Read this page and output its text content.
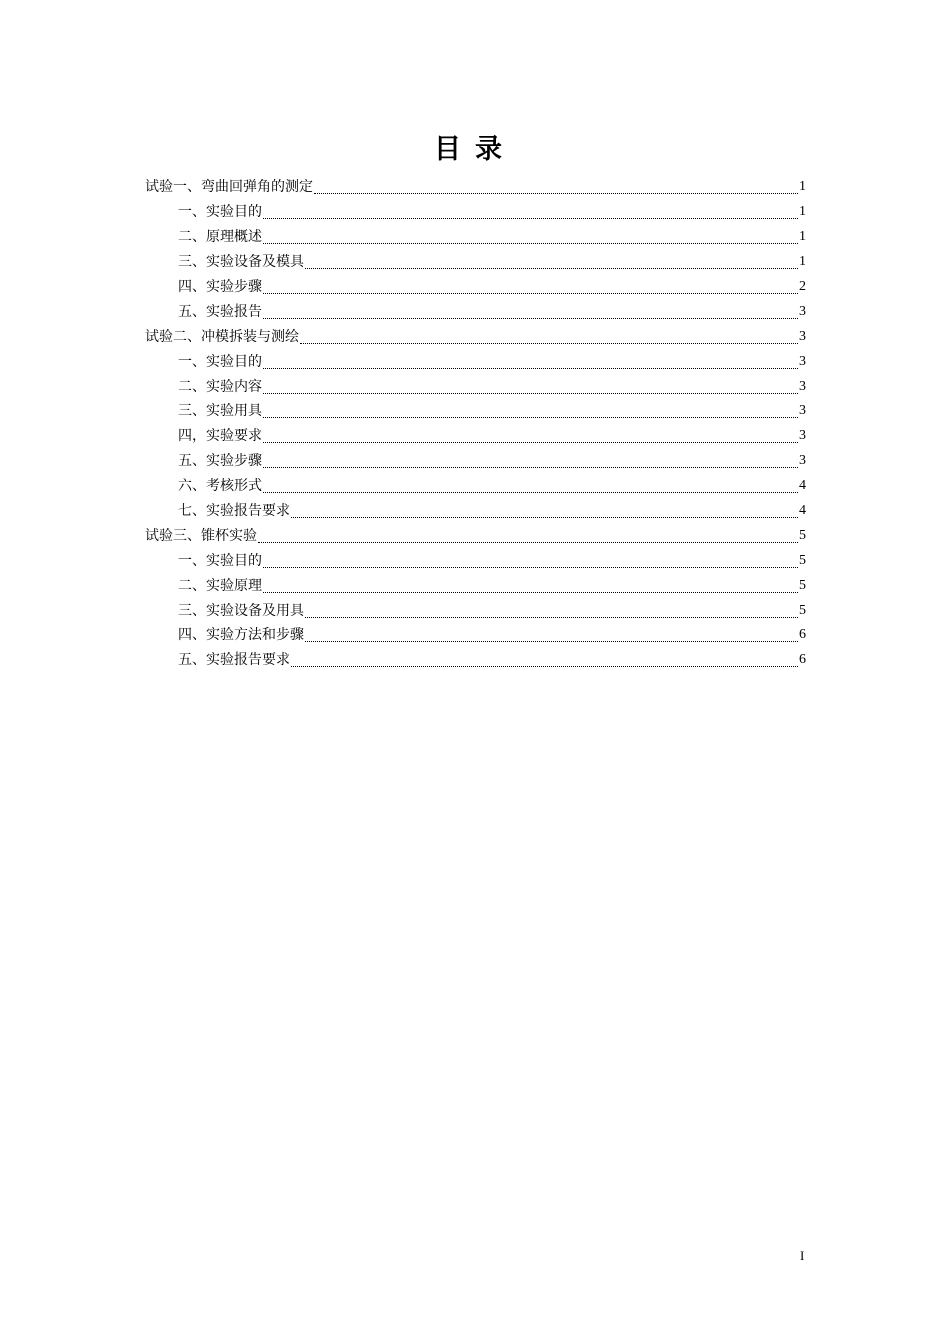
目录
试验一、弯曲回弹角的测定	1
一、实验目的	1
二、原理概述	1
三、实验设备及模具	1
四、实验步骤	2
五、实验报告	3
试验二、冲模拆装与测绘	3
一、实验目的	3
二、实验内容	3
三、实验用具	3
四，实验要求	3
五、实验步骤	3
六、考核形式	4
七、实验报告要求	4
试验三、锥杯实验	5
一、实验目的	5
二、实验原理	5
三、实验设备及用具	5
四、实验方法和步骤	6
五、实验报告要求	6
I
